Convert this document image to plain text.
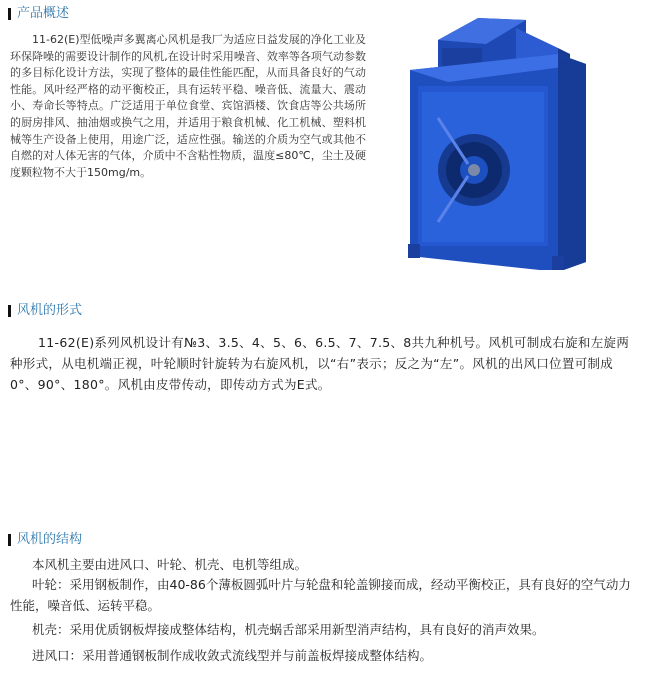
产品概述

11-62(E)型低噪声多翼离心风机是我厂为适应日益发展的净化工业及环保降噪的需要设计制作的风机,在设计时采用噪音、效率等各项气动参数的多目标化设计方法，实现了整体的最佳性能匹配，从而具备良好的气动性能。风叶经严格的动平衡校正，具有运转平稳、噪音低、流量大、震动小、寿命长等特点。广泛适用于单位食堂、宾馆酒楼、饮食店等公共场所的厨房排风、抽油烟或换气之用，并适用于粮食机械、化工机械、塑料机械等生产设备上使用，用途广泛，适应性强。输送的介质为空气或其他不自燃的对人体无害的气体，介质中不含粘性物质，温度≤80℃，尘土及硬度颗粒物不大于150mg/m。

风机的形式

11-62(E)系列风机设计有№3、3.5、4、5、6、6.5、7、7.5、8共九种机号。风机可制成右旋和左旋两种形式，从电机端正视，叶轮顺时针旋转为右旋风机，以“右”表示；反之为“左”。风机的出风口位置可制成0°、90°、180°。风机由皮带传动，即传动方式为E式。

风机的结构

本风机主要由进风口、叶轮、机壳、电机等组成。

叶轮：采用钢板制作，由40-86个薄板圆弧叶片与轮盘和轮盖铆接而成，经动平衡校正，具有良好的空气动力性能，噪音低、运转平稳。

机壳：采用优质钢板焊接成整体结构，机壳蜗舌部采用新型消声结构，具有良好的消声效果。

进风口：采用普通钢板制作成收敛式流线型并与前盖板焊接成整体结构。
